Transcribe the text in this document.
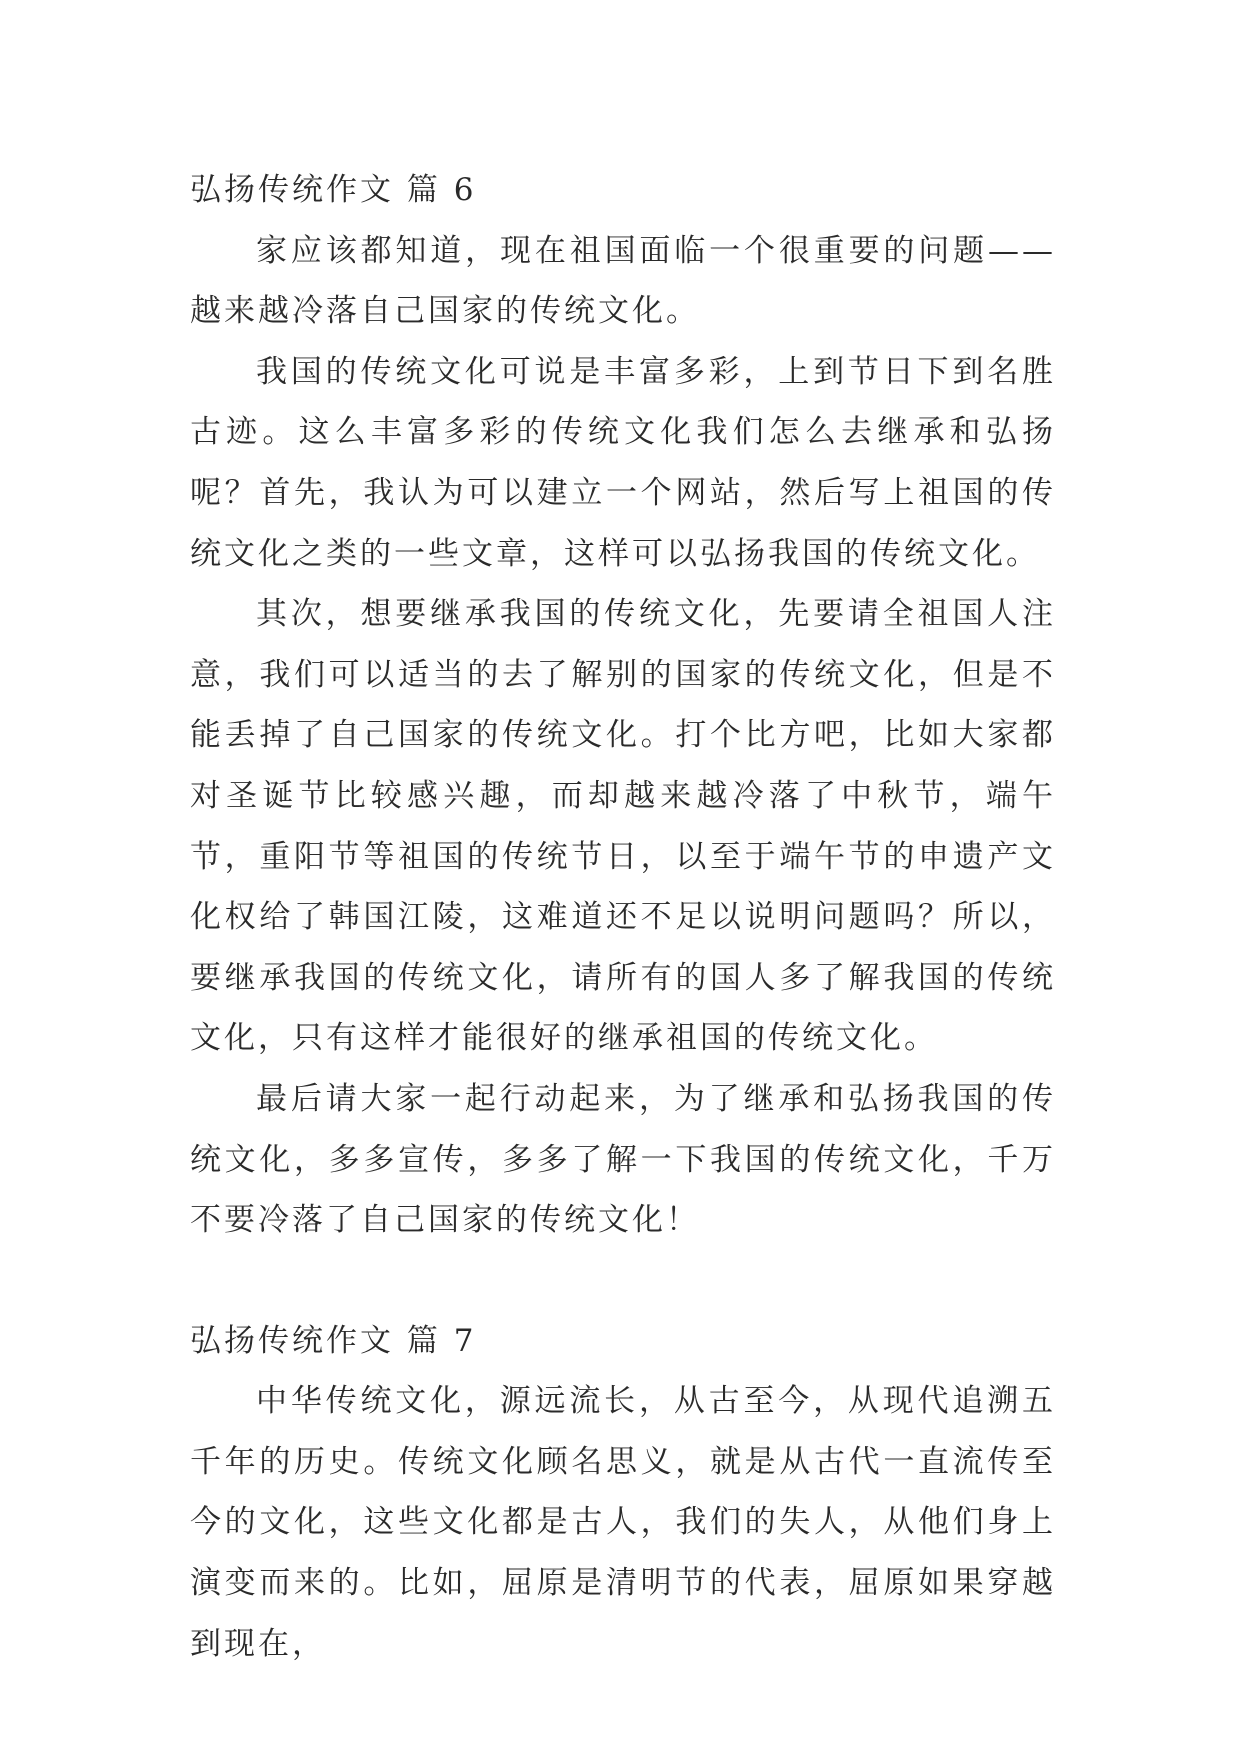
弘扬传统作文 篇 6

家应该都知道，现在祖国面临一个很重要的问题——越来越冷落自己国家的传统文化。

我国的传统文化可说是丰富多彩，上到节日下到名胜古迹。这么丰富多彩的传统文化我们怎么去继承和弘扬呢？首先，我认为可以建立一个网站，然后写上祖国的传统文化之类的一些文章，这样可以弘扬我国的传统文化。

其次，想要继承我国的传统文化，先要请全祖国人注意，我们可以适当的去了解别的国家的传统文化，但是不能丢掉了自己国家的传统文化。打个比方吧，比如大家都对圣诞节比较感兴趣，而却越来越冷落了中秋节，端午节，重阳节等祖国的传统节日，以至于端午节的申遗产文化权给了韩国江陵，这难道还不足以说明问题吗？所以，要继承我国的传统文化，请所有的国人多了解我国的传统文化，只有这样才能很好的继承祖国的传统文化。

最后请大家一起行动起来，为了继承和弘扬我国的传统文化，多多宣传，多多了解一下我国的传统文化，千万不要冷落了自己国家的传统文化！

弘扬传统作文 篇 7

中华传统文化，源远流长，从古至今，从现代追溯五千年的历史。传统文化顾名思义，就是从古代一直流传至今的文化，这些文化都是古人，我们的失人，从他们身上演变而来的。比如，屈原是清明节的代表，屈原如果穿越到现在，
